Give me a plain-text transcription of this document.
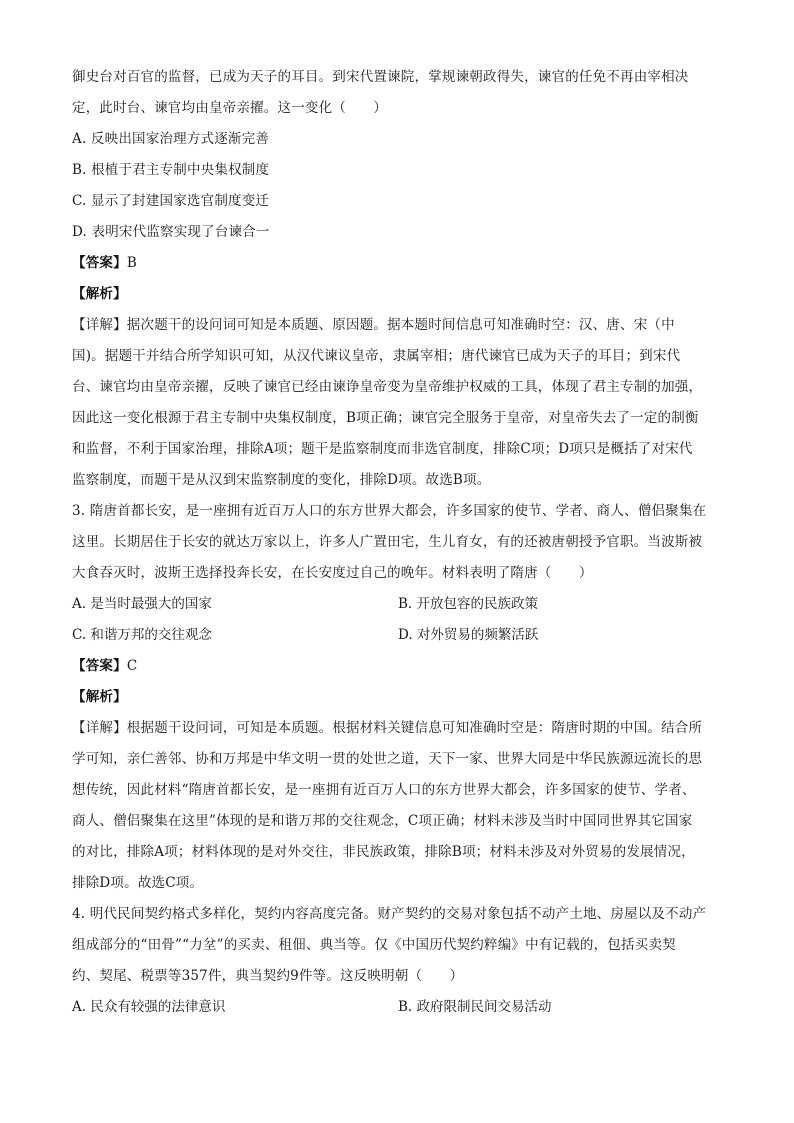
御史台对百官的监督，已成为天子的耳目。到宋代置谏院，掌规谏朝政得失，谏官的任免不再由宰相决
定，此时台、谏官均由皇帝亲擢。这一变化（　　）
A. 反映出国家治理方式逐渐完善
B. 根植于君主专制中央集权制度
C. 显示了封建国家选官制度变迁
D. 表明宋代监察实现了台谏合一
【答案】B
【解析】
【详解】据次题干的设问词可知是本质题、原因题。据本题时间信息可知准确时空：汉、唐、宋（中
国)。据题干并结合所学知识可知，从汉代谏议皇帝，隶属宰相；唐代谏官已成为天子的耳目；到宋代
台、谏官均由皇帝亲擢，反映了谏官已经由谏诤皇帝变为皇帝维护权威的工具，体现了君主专制的加强，
因此这一变化根源于君主专制中央集权制度，B项正确；谏官完全服务于皇帝，对皇帝失去了一定的制衡
和监督，不利于国家治理，排除A项；题干是监察制度而非选官制度，排除C项；D项只是概括了对宋代
监察制度，而题干是从汉到宋监察制度的变化，排除D项。故选B项。
3. 隋唐首都长安，是一座拥有近百万人口的东方世界大都会，许多国家的使节、学者、商人、僧侣聚集在
这里。长期居住于长安的就达万家以上，许多人广置田宅，生儿育女，有的还被唐朝授予官职。当波斯被
大食吞灭时，波斯王选择投奔长安，在长安度过自己的晚年。材料表明了隋唐（　　）
A. 是当时最强大的国家	B. 开放包容的民族政策
C. 和谐万邦的交往观念	D. 对外贸易的频繁活跃
【答案】C
【解析】
【详解】根据题干设问词，可知是本质题。根据材料关键信息可知准确时空是：隋唐时期的中国。结合所
学可知，亲仁善邻、协和万邦是中华文明一贯的处世之道，天下一家、世界大同是中华民族源远流长的思
想传统，因此材料“隋唐首都长安，是一座拥有近百万人口的东方世界大都会，许多国家的使节、学者、
商人、僧侣聚集在这里”体现的是和谐万邦的交往观念，C项正确；材料未涉及当时中国同世界其它国家
的对比，排除A项；材料体现的是对外交往，非民族政策，排除B项；材料未涉及对外贸易的发展情况，
排除D项。故选C项。
4. 明代民间契约格式多样化，契约内容高度完备。财产契约的交易对象包括不动产土地、房屋以及不动产
组成部分的“田骨”“力坌”的买卖、租佃、典当等。仅《中国历代契约粹编》中有记载的，包括买卖契
约、契尾、税票等357件，典当契约9件等。这反映明朝（　　）
A. 民众有较强的法律意识	B. 政府限制民间交易活动
